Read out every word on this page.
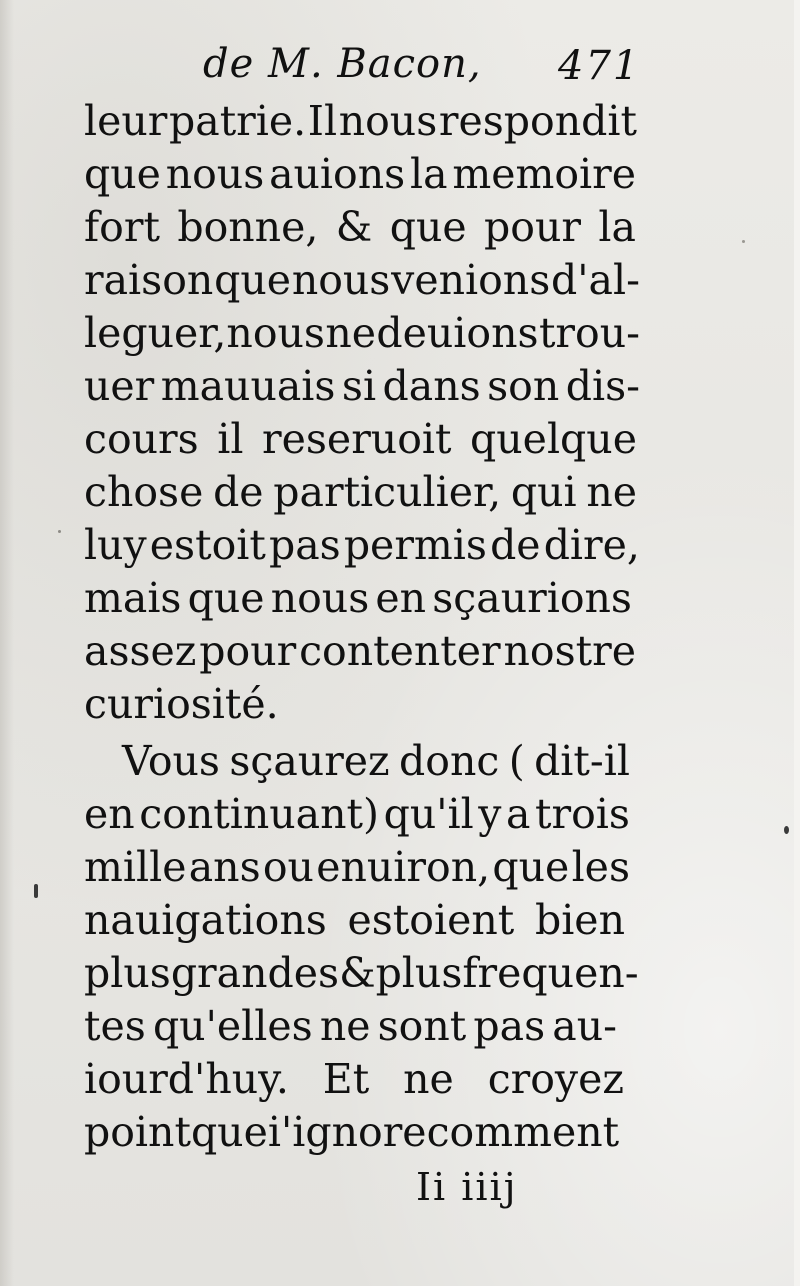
de M. Bacon, 471
leur patrie. Il nous respondit
que nous auions la memoire
fort bonne, & que pour la
raison que nous venions d'al-
leguer,nous ne deuions trou-
uer mauuais si dans son dis-
cours il reseruoit quelque
chose de particulier, qui ne
luy estoit pas permis de dire,
mais que nous en sçaurions
assez pour contenter nostre
curiosité.
Vous sçaurez donc ( dit-il
en continuant) qu'il y a trois
mille ans ou enuiron, que les
nauigations estoient bien
plus grandes & plus frequen-
tes qu'elles ne sont pas au-
iourd'huy. Et ne croyez
point que i'ignore comment
Ii iiij
